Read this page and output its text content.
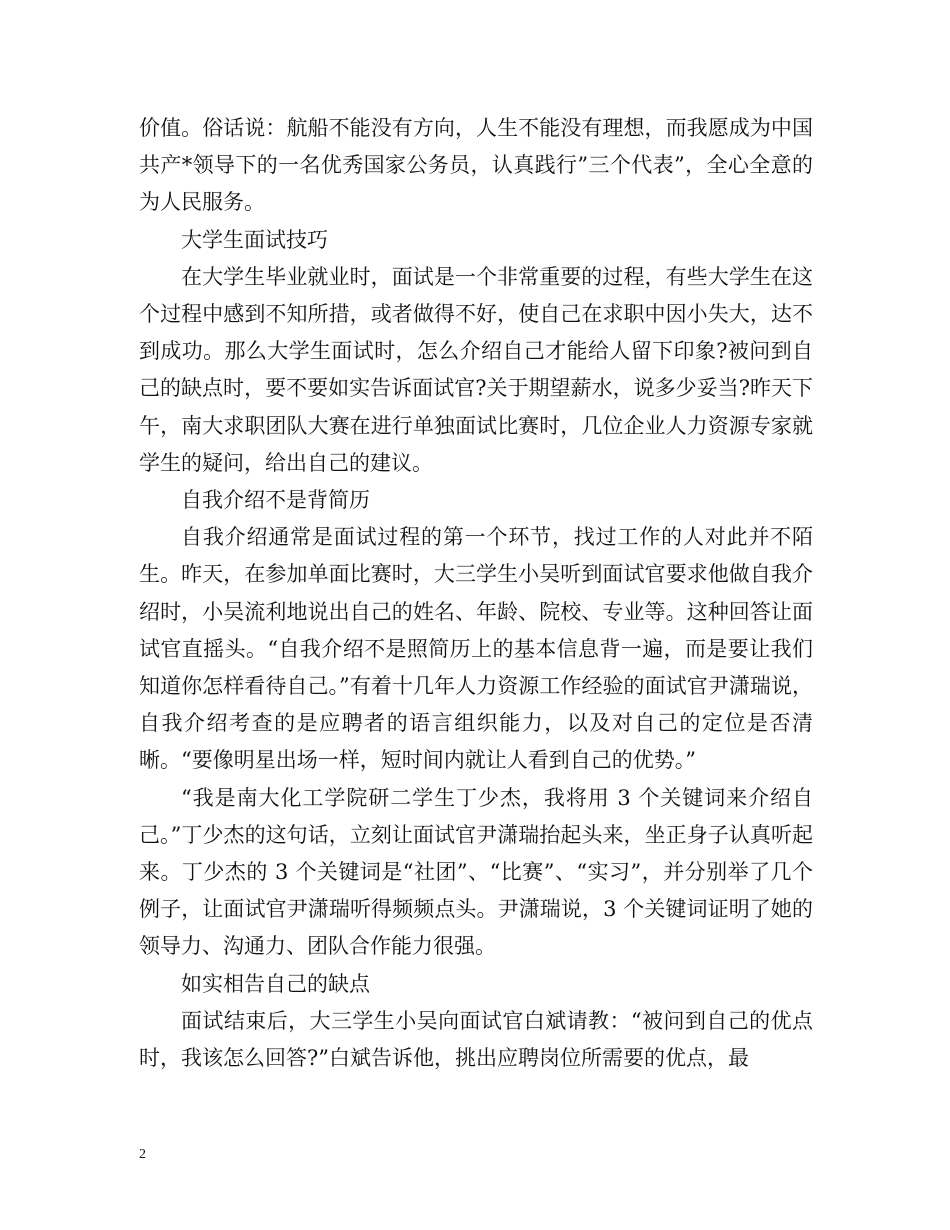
价值。俗话说：航船不能没有方向，人生不能没有理想，而我愿成为中国共产*领导下的一名优秀国家公务员，认真践行”三个代表”，全心全意的为人民服务。

大学生面试技巧

在大学生毕业就业时，面试是一个非常重要的过程，有些大学生在这个过程中感到不知所措，或者做得不好，使自己在求职中因小失大，达不到成功。那么大学生面试时，怎么介绍自己才能给人留下印象?被问到自己的缺点时，要不要如实告诉面试官?关于期望薪水，说多少妥当?昨天下午，南大求职团队大赛在进行单独面试比赛时，几位企业人力资源专家就学生的疑问，给出自己的建议。

自我介绍不是背简历

自我介绍通常是面试过程的第一个环节，找过工作的人对此并不陌生。昨天，在参加单面比赛时，大三学生小吴听到面试官要求他做自我介绍时，小吴流利地说出自己的姓名、年龄、院校、专业等。这种回答让面试官直摇头。“自我介绍不是照简历上的基本信息背一遍，而是要让我们知道你怎样看待自己。”有着十几年人力资源工作经验的面试官尹潇瑞说，自我介绍考查的是应聘者的语言组织能力，以及对自己的定位是否清晰。“要像明星出场一样，短时间内就让人看到自己的优势。”

“我是南大化工学院研二学生丁少杰，我将用 3 个关键词来介绍自己。”丁少杰的这句话，立刻让面试官尹潇瑞抬起头来，坐正身子认真听起来。丁少杰的 3 个关键词是“社团”、“比赛”、“实习”，并分别举了几个例子，让面试官尹潇瑞听得频频点头。尹潇瑞说，3 个关键词证明了她的领导力、沟通力、团队合作能力很强。

如实相告自己的缺点

面试结束后，大三学生小吴向面试官白斌请教：“被问到自己的优点时，我该怎么回答?”白斌告诉他，挑出应聘岗位所需要的优点，最

2
